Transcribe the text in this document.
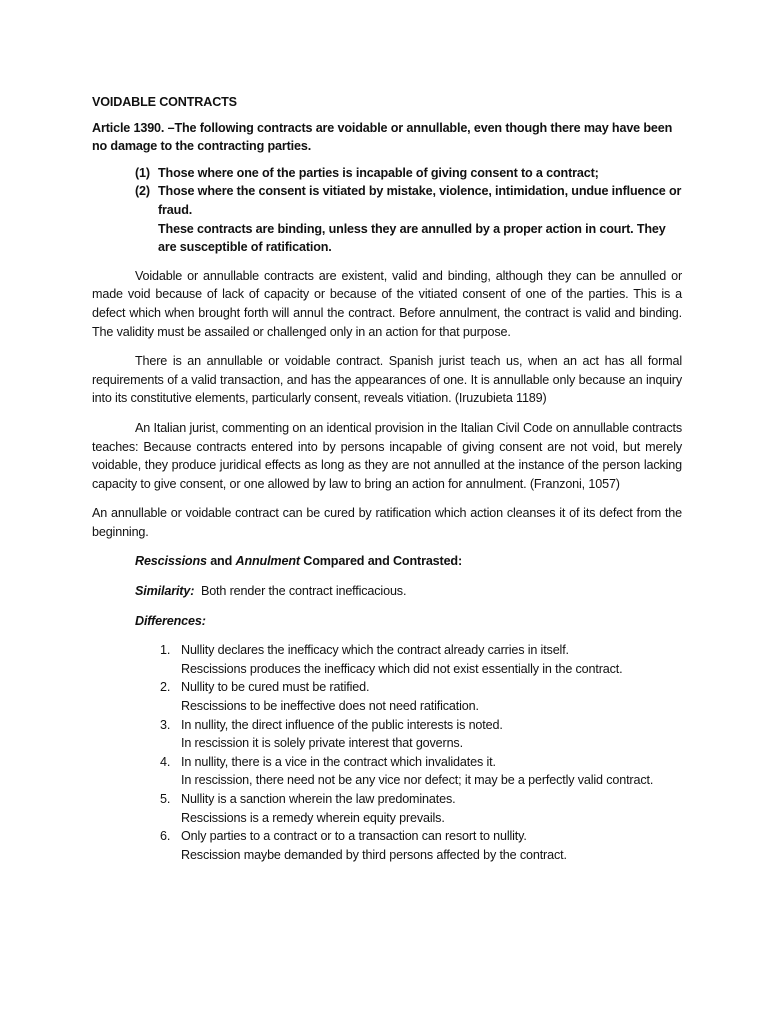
VOIDABLE CONTRACTS

Article 1390. –The following contracts are voidable or annullable, even though there may have been no damage to the contracting parties.

(1) Those where one of the parties is incapable of giving consent to a contract;
(2) Those where the consent is vitiated by mistake, violence, intimidation, undue influence or fraud.
These contracts are binding, unless they are annulled by a proper action in court. They are susceptible of ratification.

Voidable or annullable contracts are existent, valid and binding, although they can be annulled or made void because of lack of capacity or because of the vitiated consent of one of the parties. This is a defect which when brought forth will annul the contract. Before annulment, the contract is valid and binding. The validity must be assailed or challenged only in an action for that purpose.

There is an annullable or voidable contract. Spanish jurist teach us, when an act has all formal requirements of a valid transaction, and has the appearances of one. It is annullable only because an inquiry into its constitutive elements, particularly consent, reveals vitiation. (Iruzubieta 1189)

An Italian jurist, commenting on an identical provision in the Italian Civil Code on annullable contracts teaches: Because contracts entered into by persons incapable of giving consent are not void, but merely voidable, they produce juridical effects as long as they are not annulled at the instance of the person lacking capacity to give consent, or one allowed by law to bring an action for annulment. (Franzoni, 1057)

An annullable or voidable contract can be cured by ratification which action cleanses it of its defect from the beginning.

Rescissions and Annulment Compared and Contrasted:
Similarity: Both render the contract inefficacious.
Differences:
1. Nullity declares the inefficacy which the contract already carries in itself.
Rescissions produces the inefficacy which did not exist essentially in the contract.
2. Nullity to be cured must be ratified.
Rescissions to be ineffective does not need ratification.
3. In nullity, the direct influence of the public interests is noted.
In rescission it is solely private interest that governs.
4. In nullity, there is a vice in the contract which invalidates it.
In rescission, there need not be any vice nor defect; it may be a perfectly valid contract.
5. Nullity is a sanction wherein the law predominates.
Rescissions is a remedy wherein equity prevails.
6. Only parties to a contract or to a transaction can resort to nullity.
Rescission maybe demanded by third persons affected by the contract.
